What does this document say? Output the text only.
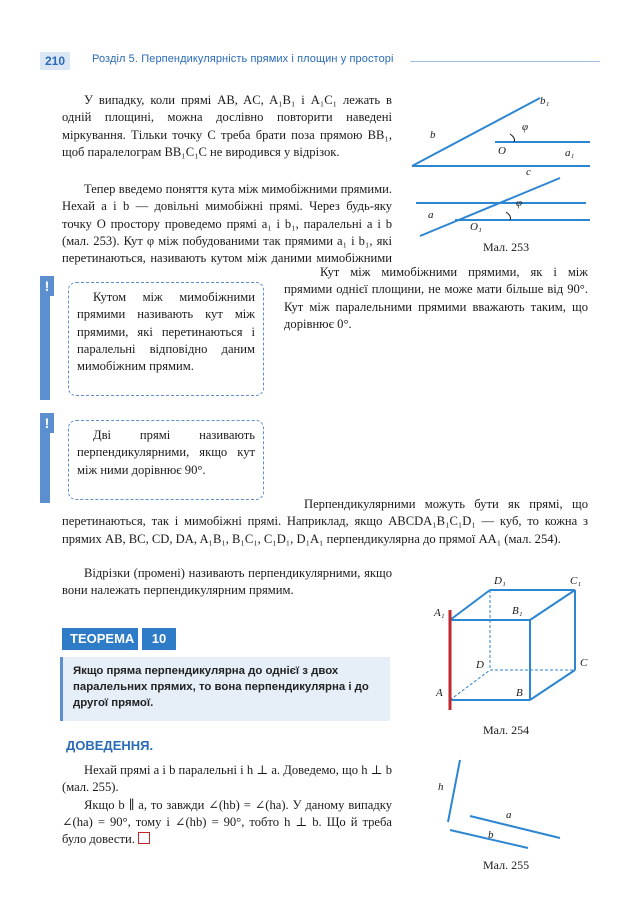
210	Розділ 5. Перпендикулярність прямих і площин у просторі

У випадку, коли прямі AB, AC, A₁B₁ і A₁C₁ лежать в одній площині, можна дослівно повторити наведені міркування. Тільки точку C треба брати поза прямою BB₁, щоб паралелограм BB₁C₁C не виродився у відрізок.

Тепер введемо поняття кута між мимобіжними прямими. Нехай a і b — довільні мимобіжні прямі. Через будь-яку точку O простору проведемо прямі a₁ і b₁, паралельні a і b (мал. 253). Кут φ між побудованими так прямими a₁ і b₁, які перетинаються, називають кутом між даними мимобіжними

!

Кутом між мимобіжними прямими називають кут між прямими, які перетинаються і паралельні відповідно даним мимобіжним прямим.

!

Дві прямі називають перпендикулярними, якщо кут між ними дорівнює 90°.

Кут між мимобіжними прямими, як і між прямими однієї площини, не може мати більше від 90°. Кут між паралельними прямими вважають таким, що дорівнює 0°.

Перпендикулярними можуть бути як прямі, що перетинаються, так і мимобіжні прямі. Наприклад, якщо ABCDA₁B₁C₁D₁ — куб, то кожна з прямих AB, BC, CD, DA, A₁B₁, B₁C₁, C₁D₁, D₁A₁ перпендикулярна до прямої AA₁ (мал. 254).

Відрізки (промені) називають перпендикулярними, якщо вони належать перпендикулярним прямим.

ТЕОРЕМА	10
Якщо пряма перпендикулярна до однієї з двох паралельних прямих, то вона перпендикулярна і до другої прямої.
ДОВЕДЕННЯ.

Нехай прямі a і b паралельні і h ⊥ a. Доведемо, що h ⊥ b (мал. 255).

Якщо b ∥ a, то завжди ∠(hb) = ∠(ha). У даному випадку ∠(ha) = 90°, тому і ∠(hb) = 90°, тобто h ⊥ b. Що й треба було довести.

b₁
φ
b
O	a₁
c
φ
a
O₁
Мал. 253
D₁	C₁
A₁	B₁
D	C
A	B
Мал. 254
h
a
b
Мал. 255
